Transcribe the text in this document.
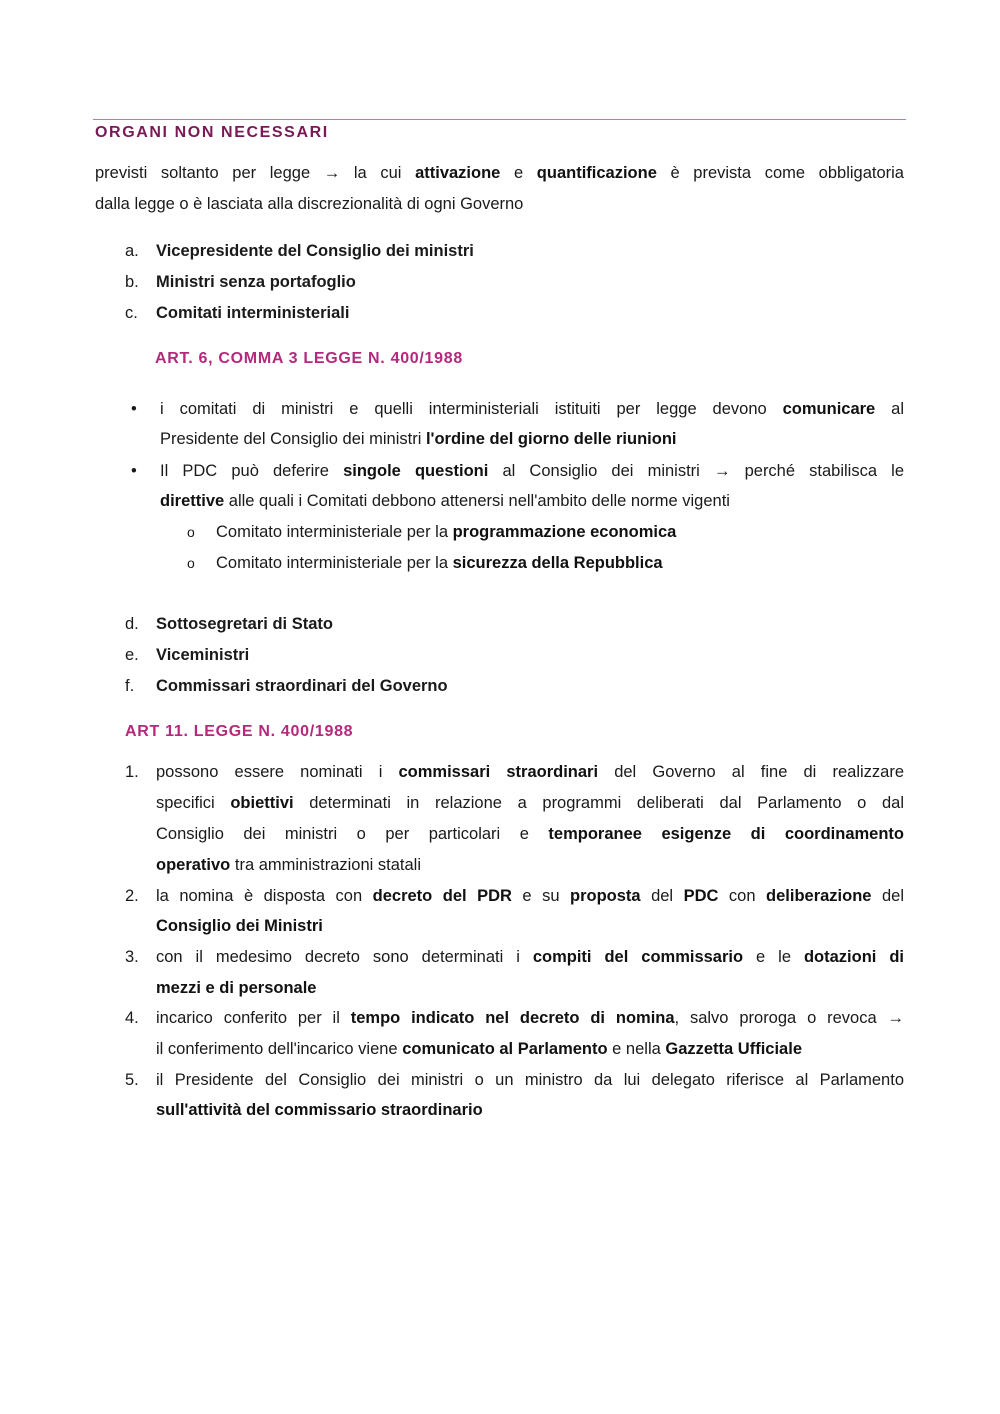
ORGANI NON NECESSARI
previsti soltanto per legge → la cui attivazione e quantificazione è prevista come obbligatoria
dalla legge o è lasciata alla discrezionalità di ogni Governo
a. Vicepresidente del Consiglio dei ministri
b. Ministri senza portafoglio
c. Comitati interministeriali
ART. 6, COMMA 3 LEGGE N. 400/1988
• i comitati di ministri e quelli interministeriali istituiti per legge devono comunicare al
Presidente del Consiglio dei ministri l'ordine del giorno delle riunioni
• Il PDC può deferire singole questioni al Consiglio dei ministri → perché stabilisca le
direttive alle quali i Comitati debbono attenersi nell'ambito delle norme vigenti
o Comitato interministeriale per la programmazione economica
o Comitato interministeriale per la sicurezza della Repubblica
d. Sottosegretari di Stato
e. Viceministri
f. Commissari straordinari del Governo
ART 11. LEGGE N. 400/1988
1. possono essere nominati i commissari straordinari del Governo al fine di realizzare
specifici obiettivi determinati in relazione a programmi deliberati dal Parlamento o dal
Consiglio dei ministri o per particolari e temporanee esigenze di coordinamento
operativo tra amministrazioni statali
2. la nomina è disposta con decreto del PDR e su proposta del PDC con deliberazione del
Consiglio dei Ministri
3. con il medesimo decreto sono determinati i compiti del commissario e le dotazioni di
mezzi e di personale
4. incarico conferito per il tempo indicato nel decreto di nomina, salvo proroga o revoca →
il conferimento dell'incarico viene comunicato al Parlamento e nella Gazzetta Ufficiale
5. il Presidente del Consiglio dei ministri o un ministro da lui delegato riferisce al Parlamento
sull'attività del commissario straordinario
